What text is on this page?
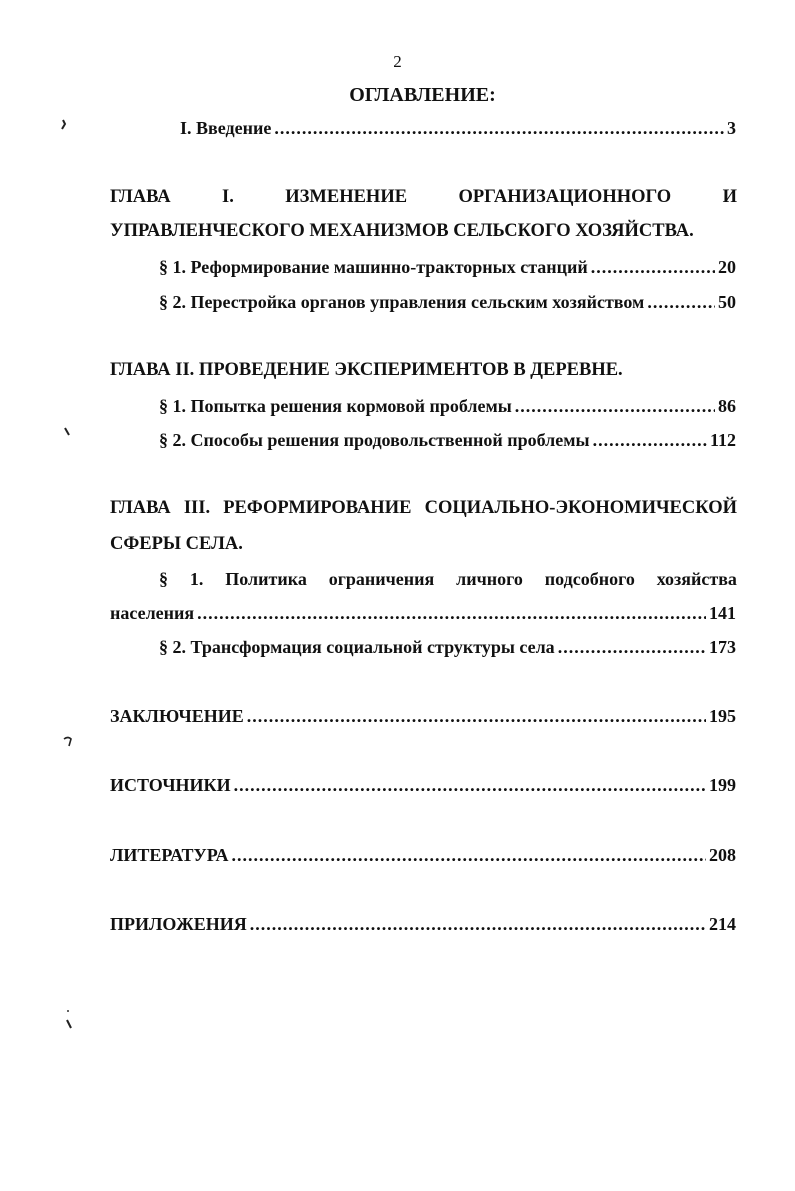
2
ОГЛАВЛЕНИЕ:
I. Введение .....	3
ГЛАВА	I.	ИЗМЕНЕНИЕ	ОРГАНИЗАЦИОННОГО	И
УПРАВЛЕНЧЕСКОГО МЕХАНИЗМОВ СЕЛЬСКОГО ХОЗЯЙСТВА.
§ 1. Реформирование машинно-тракторных станций .....	20
§ 2. Перестройка органов управления сельским хозяйством .....	50
ГЛАВА II. ПРОВЕДЕНИЕ ЭКСПЕРИМЕНТОВ В ДЕРЕВНЕ.
§ 1. Попытка решения кормовой проблемы .....	86
§ 2. Способы решения продовольственной проблемы .....	112
ГЛАВА III. РЕФОРМИРОВАНИЕ СОЦИАЛЬНО-ЭКОНОМИЧЕСКОЙ
СФЕРЫ СЕЛА.
§ 1. Политика ограничения личного подсобного хозяйства
населения .....	141
§ 2. Трансформация социальной структуры села .....	173
ЗАКЛЮЧЕНИЕ .....	195
ИСТОЧНИКИ .....	199
ЛИТЕРАТУРА .....	208
ПРИЛОЖЕНИЯ .....	214
